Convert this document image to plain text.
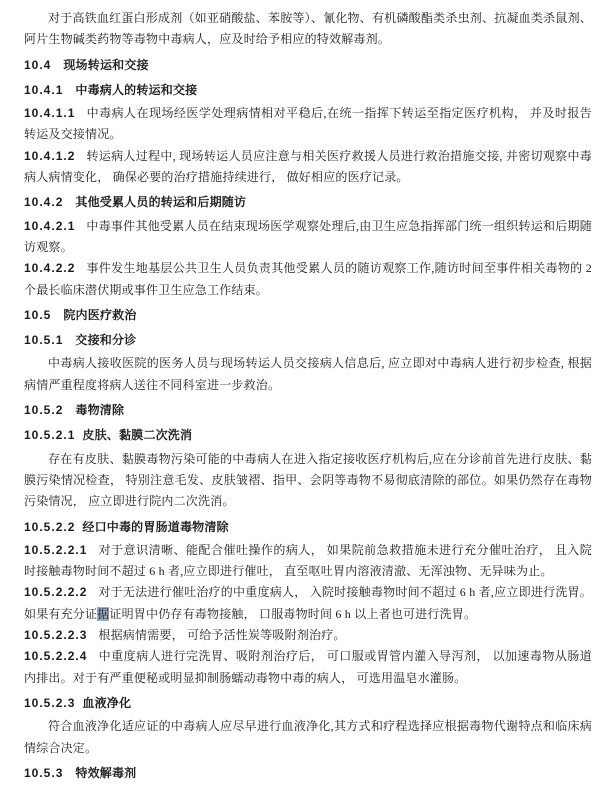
对于高铁血红蛋白形成剂（如亚硝酸盐、苯胺等）、氰化物、有机磷酸酯类杀虫剂、抗凝血类杀鼠剂、阿片生物碱类药物等毒物中毒病人，应及时给予相应的特效解毒剂。

10.4 现场转运和交接

10.4.1 中毒病人的转运和交接

10.4.1.1 中毒病人在现场经医学处理病情相对平稳后,在统一指挥下转运至指定医疗机构， 并及时报告转运及交接情况。

10.4.1.2 转运病人过程中, 现场转运人员应注意与相关医疗救援人员进行救治措施交接, 并密切观察中毒病人病情变化， 确保必要的治疗措施持续进行， 做好相应的医疗记录。

10.4.2 其他受累人员的转运和后期随访

10.4.2.1 中毒事件其他受累人员在结束现场医学观察处理后,由卫生应急指挥部门统一组织转运和后期随访观察。

10.4.2.2 事件发生地基层公共卫生人员负责其他受累人员的随访观察工作,随访时间至事件相关毒物的 2 个最长临床潜伏期或事件卫生应急工作结束。

10.5 院内医疗救治

10.5.1 交接和分诊

中毒病人接收医院的医务人员与现场转运人员交接病人信息后, 应立即对中毒病人进行初步检查, 根据病情严重程度将病人送往不同科室进一步救治。

10.5.2 毒物清除

10.5.2.1 皮肤、黏膜二次洗消

存在有皮肤、黏膜毒物污染可能的中毒病人在进入指定接收医疗机构后,应在分诊前首先进行皮肤、黏膜污染情况检查， 特别注意毛发、皮肤皱褶、指甲、会阴等毒物不易彻底清除的部位。如果仍然存在毒物污染情况， 应立即进行院内二次洗消。

10.5.2.2 经口中毒的胃肠道毒物清除

10.5.2.2.1 对于意识清晰、能配合催吐操作的病人， 如果院前急救措施未进行充分催吐治疗， 且入院时接触毒物时间不超过 6 h 者,应立即进行催吐， 直至呕吐胃内溶液清澈、无浑浊物、无异味为止。

10.5.2.2.2 对于无法进行催吐治疗的中重度病人， 入院时接触毒物时间不超过 6 h 者,应立即进行洗胃。如果有充分证据证明胃中仍存有毒物接触， 口服毒物时间 6 h 以上者也可进行洗胃。

10.5.2.2.3 根据病情需要， 可给予活性炭等吸附剂治疗。

10.5.2.2.4 中重度病人进行完洗胃、吸附剂治疗后， 可口服或胃管内灌入导泻剂， 以加速毒物从肠道内排出。对于有严重便秘或明显抑制肠蠕动毒物中毒的病人， 可选用温皂水灌肠。

10.5.2.3 血液净化

符合血液净化适应证的中毒病人应尽早进行血液净化,其方式和疗程选择应根据毒物代谢特点和临床病情综合决定。

10.5.3 特效解毒剂
